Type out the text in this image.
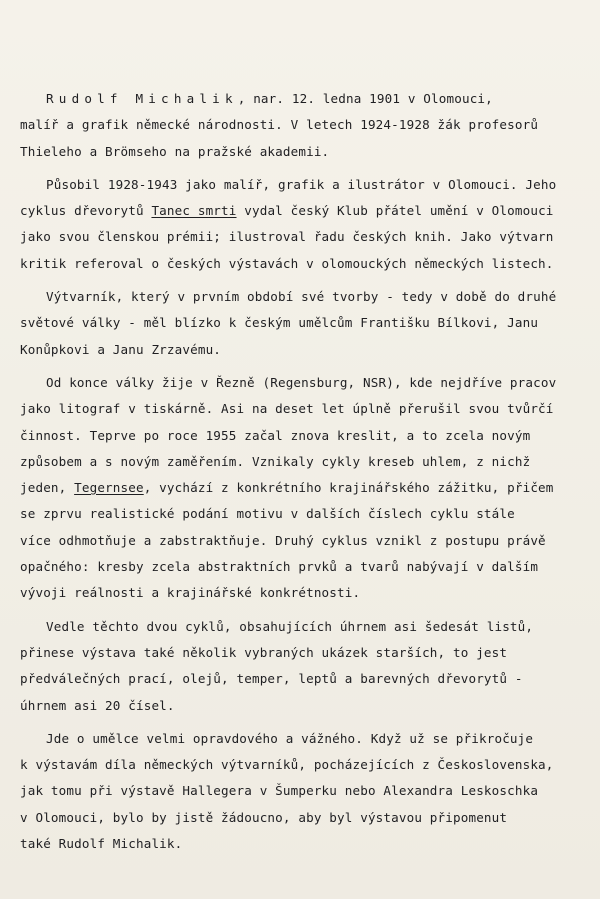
Rudolf Michalik, nar. 12. ledna 1901 v Olomouci,
malíř a grafik německé národnosti. V letech 1924-1928 žák profesorů
Thieleho a Brömseho na pražské akademii.
Působil 1928-1943 jako malíř, grafik a ilustrátor v Olomouci. Jeho
cyklus dřevorytů Tanec smrti vydal český Klub přátel umění v Olomouci
jako svou členskou prémii; ilustroval řadu českých knih. Jako výtvarn
kritik referoval o českých výstavách v olomouckých německých listech.
Výtvarník, který v prvním období své tvorby - tedy v době do druhé
světové války - měl blízko k českým umělcům Františku Bílkovi, Janu
Konůpkovi a Janu Zrzavému.
Od konce války žije v Řezně (Regensburg, NSR), kde nejdříve pracov
jako litograf v tiskárně. Asi na deset let úplně přerušil svou tvůrčí
činnost. Teprve po roce 1955 začal znova kreslit, a to zcela novým
způsobem a s novým zaměřením. Vznikaly cykly kreseb uhlem, z nichž
jeden, Tegernsee, vychází z konkrétního krajinářského zážitku, přičem
se zprvu realistické podání motivu v dalších číslech cyklu stále
více odhmotňuje a zabstraktňuje. Druhý cyklus vznikl z postupu právě
opačného: kresby zcela abstraktních prvků a tvarů nabývají v dalším
vývoji reálnosti a krajinářské konkrétnosti.
Vedle těchto dvou cyklů, obsahujících úhrnem asi šedesát listů,
přinese výstava také několik vybraných ukázek starších, to jest
předválečných prací, olejů, temper, leptů a barevných dřevorytů -
úhrnem asi 20 čísel.
Jde o umělce velmi opravdového a vážného. Když už se přikročuje
k výstavám díla německých výtvarníků, pocházejících z Československa,
jak tomu při výstavě Hallegera v Šumperku nebo Alexandra Leskoschka
v Olomouci, bylo by jistě žádoucno, aby byl výstavou připomenut
také Rudolf Michalik.
